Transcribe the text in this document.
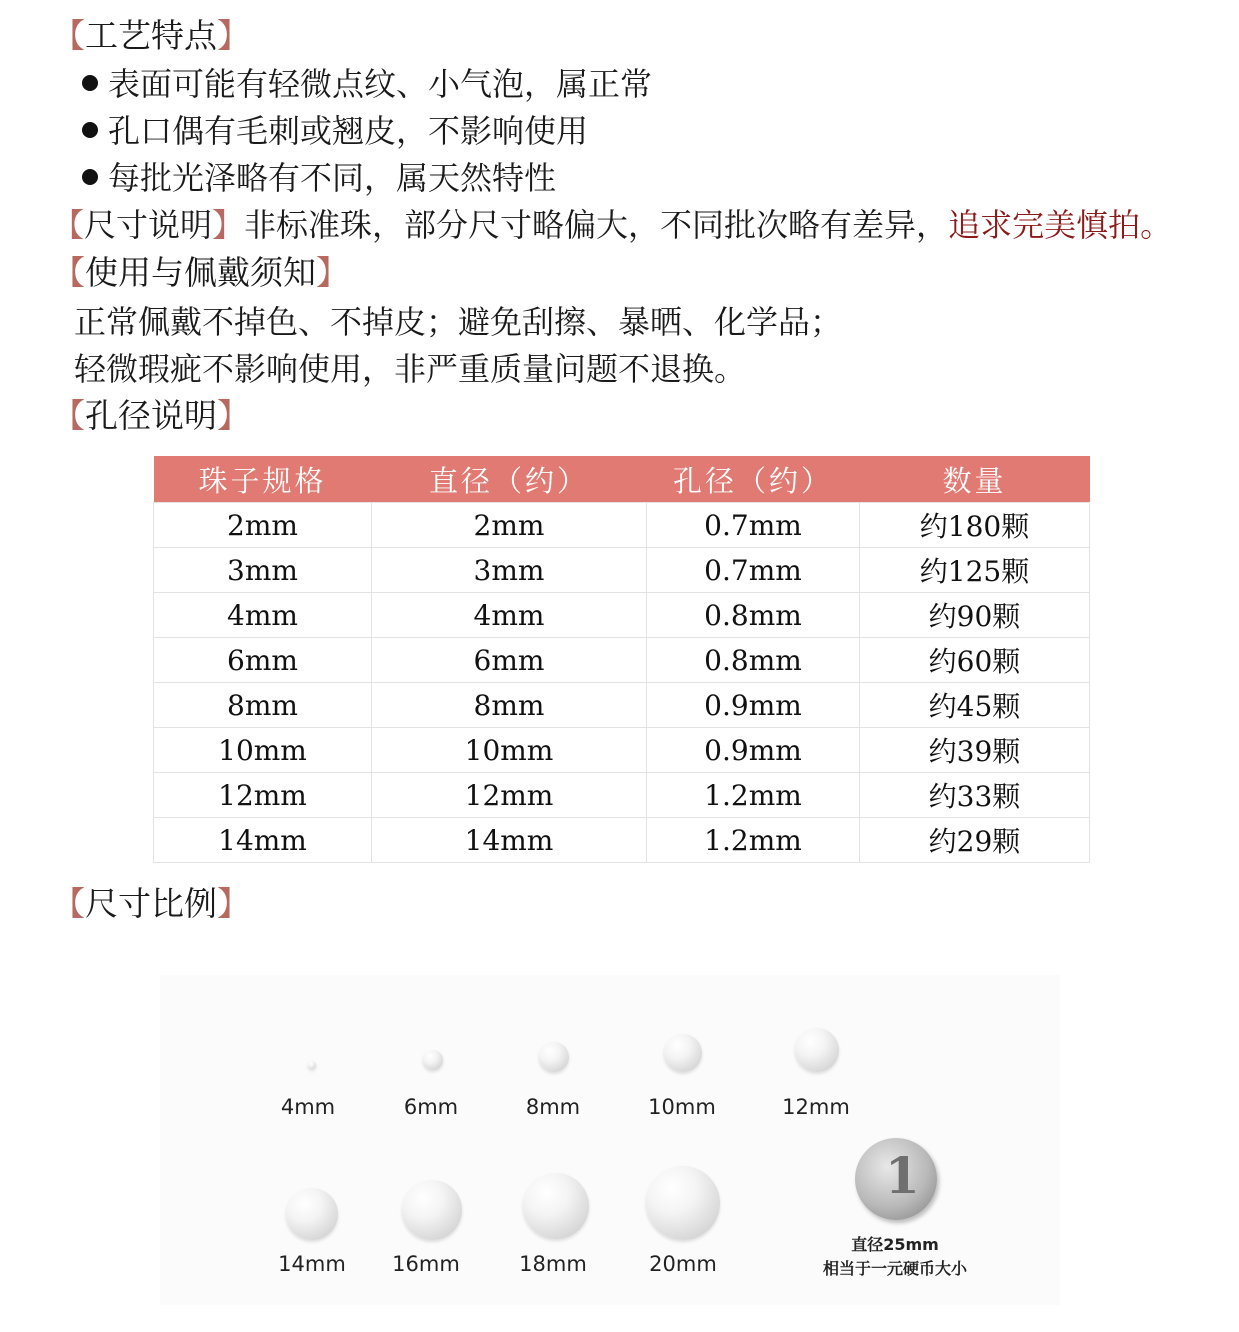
【工艺特点】
表面可能有轻微点纹、小气泡，属正常
孔口偶有毛刺或翘皮，不影响使用
每批光泽略有不同，属天然特性
【尺寸说明】非标准珠，部分尺寸略偏大，不同批次略有差异，追求完美慎拍。
【使用与佩戴须知】
正常佩戴不掉色、不掉皮；避免刮擦、暴晒、化学品；
轻微瑕疵不影响使用，非严重质量问题不退换。
【孔径说明】
珠子规格	直径（约）	孔径（约）	数量
2mm	2mm	0.7mm	约180颗
3mm	3mm	0.7mm	约125颗
4mm	4mm	0.8mm	约90颗
6mm	6mm	0.8mm	约60颗
8mm	8mm	0.9mm	约45颗
10mm	10mm	0.9mm	约39颗
12mm	12mm	1.2mm	约33颗
14mm	14mm	1.2mm	约29颗
【尺寸比例】
4mm	6mm	8mm	10mm	12mm
14mm	16mm	18mm	20mm
1
直径25mm
相当于一元硬币大小
